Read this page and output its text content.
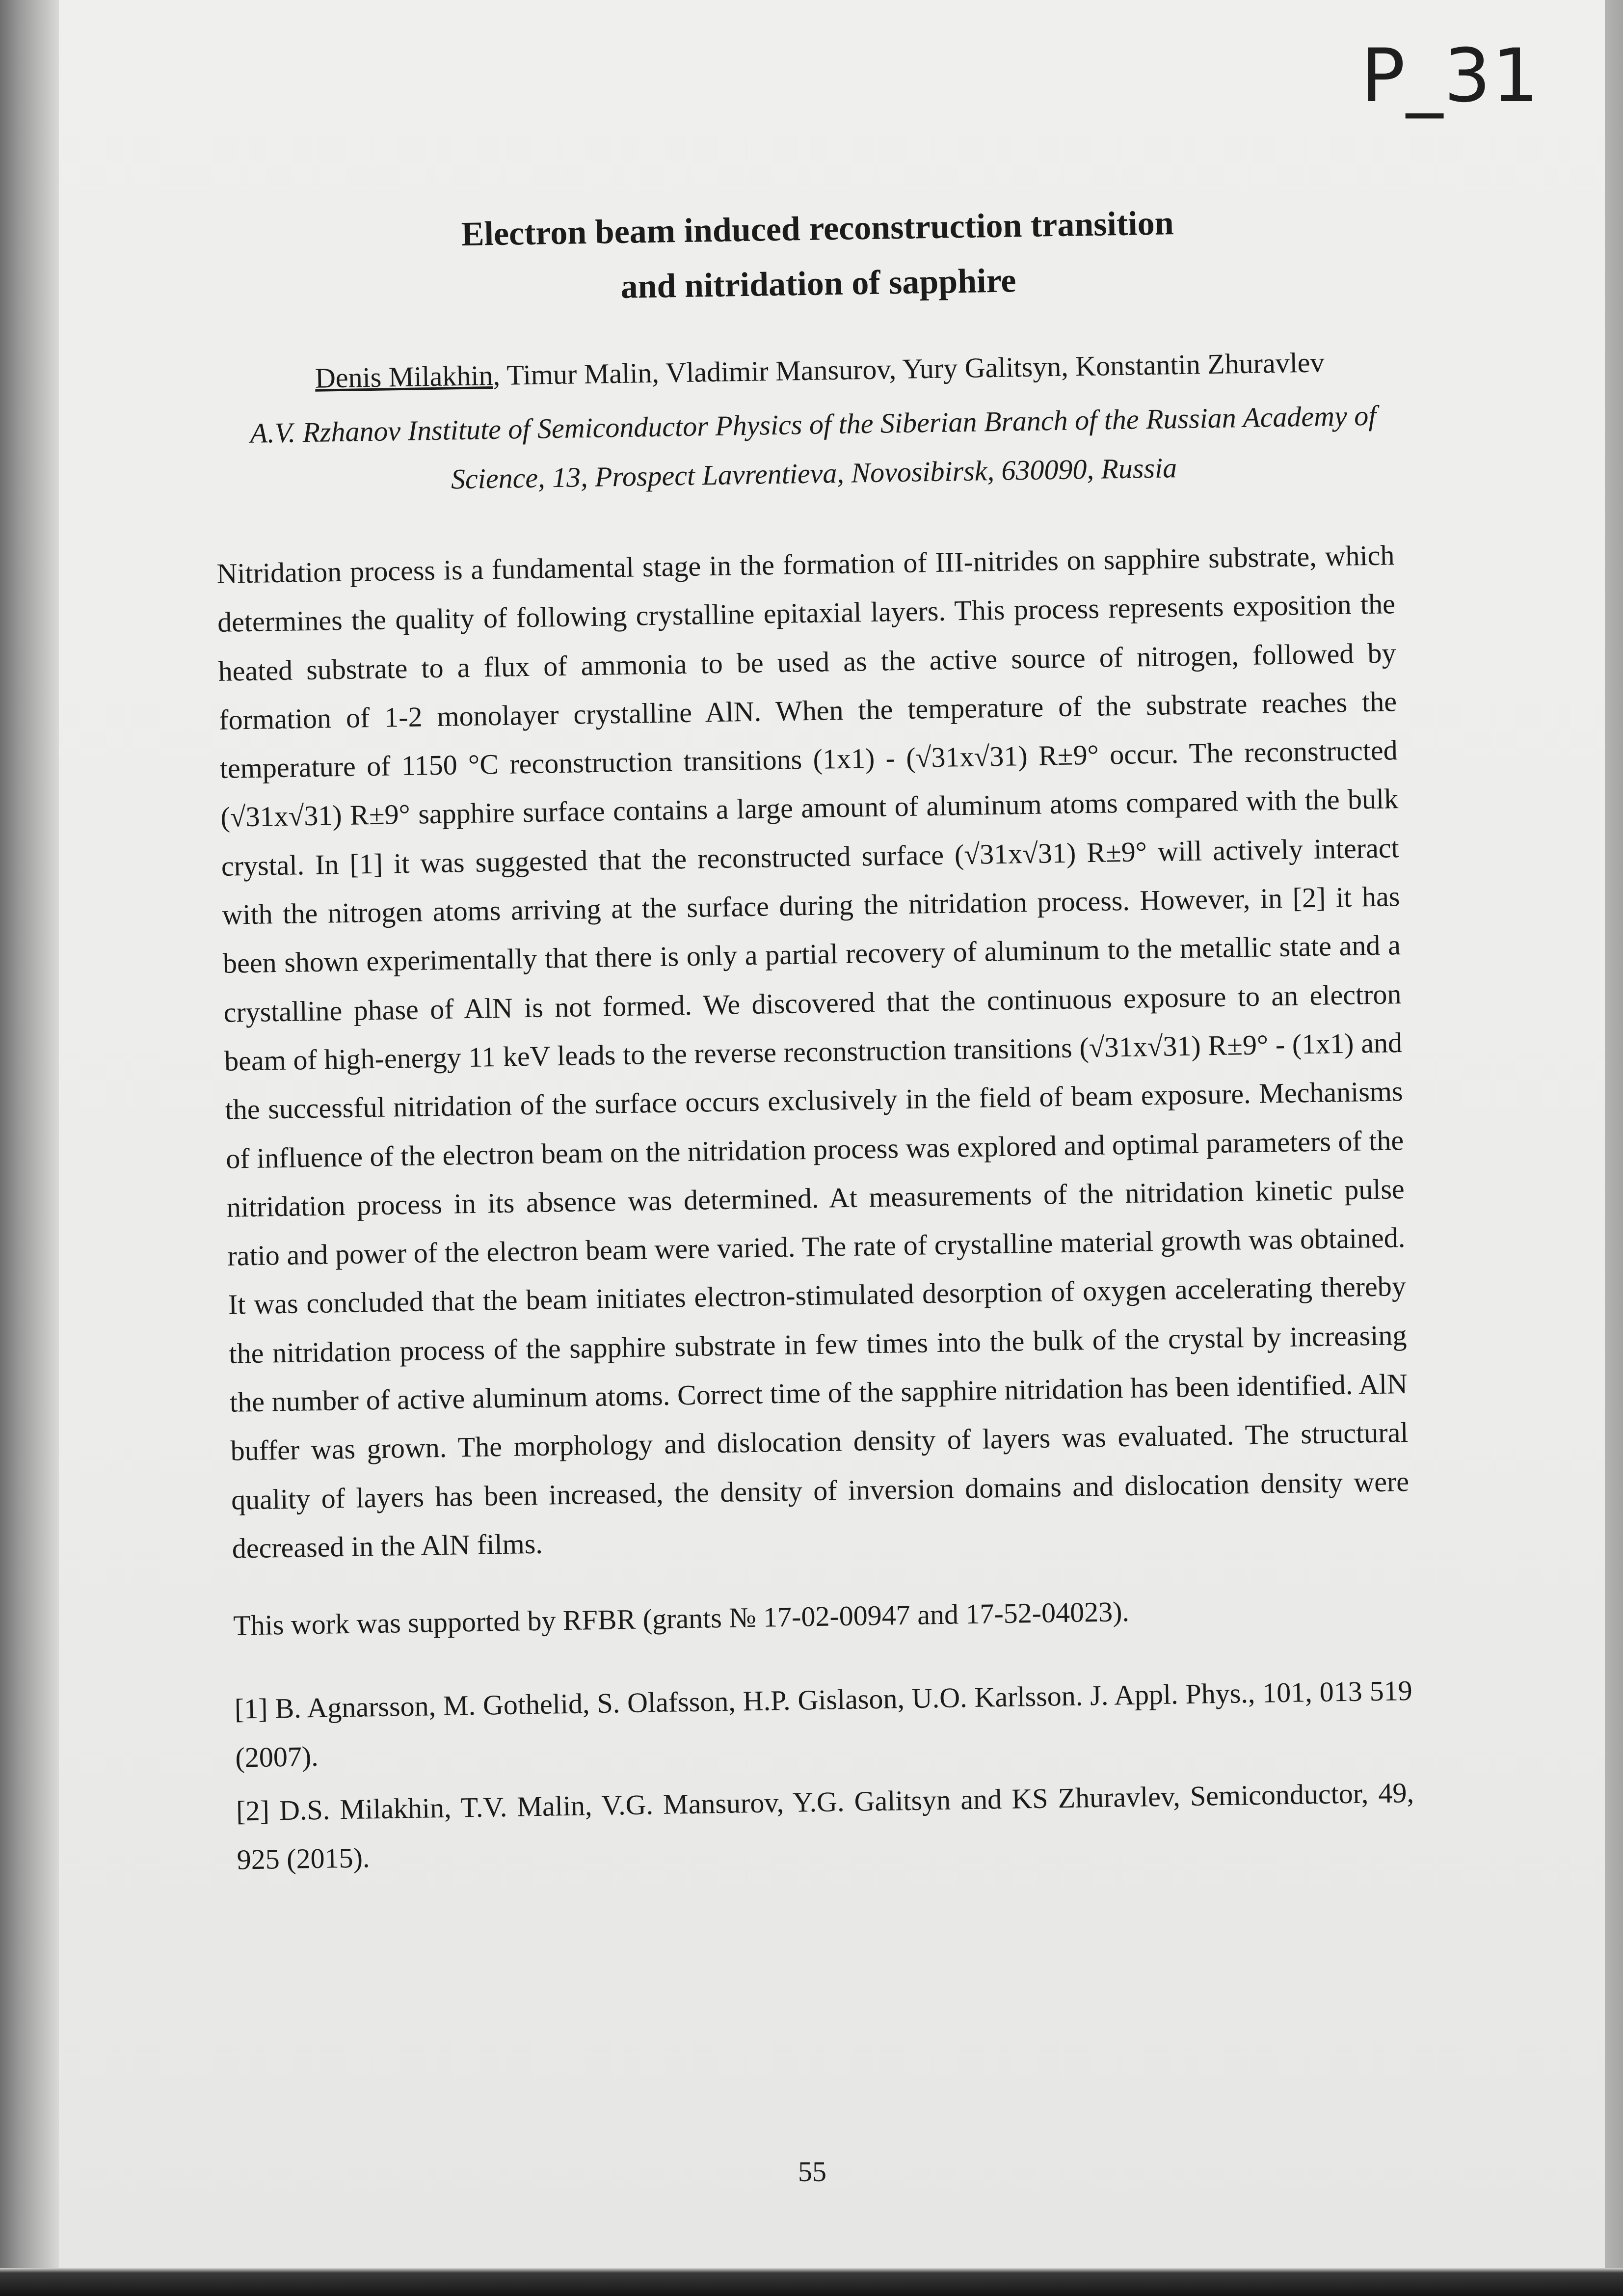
P_31
Electron beam induced reconstruction transition
and nitridation of sapphire
Denis Milakhin, Timur Malin, Vladimir Mansurov, Yury Galitsyn, Konstantin Zhuravlev
A.V. Rzhanov Institute of Semiconductor Physics of the Siberian Branch of the Russian Academy of Science, 13, Prospect Lavrentieva, Novosibirsk, 630090, Russia

Nitridation process is a fundamental stage in the formation of III-nitrides on sapphire substrate, which determines the quality of following crystalline epitaxial layers. This process represents exposition the heated substrate to a flux of ammonia to be used as the active source of nitrogen, followed by formation of 1-2 monolayer crystalline AlN. When the temperature of the substrate reaches the temperature of 1150 °C reconstruction transitions (1x1) - (√31x√31) R±9° occur. The reconstructed (√31x√31) R±9° sapphire surface contains a large amount of aluminum atoms compared with the bulk crystal. In [1] it was suggested that the reconstructed surface (√31x√31) R±9° will actively interact with the nitrogen atoms arriving at the surface during the nitridation process. However, in [2] it has been shown experimentally that there is only a partial recovery of aluminum to the metallic state and a crystalline phase of AlN is not formed. We discovered that the continuous exposure to an electron beam of high-energy 11 keV leads to the reverse reconstruction transitions (√31x√31) R±9° - (1x1) and the successful nitridation of the surface occurs exclusively in the field of beam exposure. Mechanisms of influence of the electron beam on the nitridation process was explored and optimal parameters of the nitridation process in its absence was determined. At measurements of the nitridation kinetic pulse ratio and power of the electron beam were varied. The rate of crystalline material growth was obtained. It was concluded that the beam initiates electron-stimulated desorption of oxygen accelerating thereby the nitridation process of the sapphire substrate in few times into the bulk of the crystal by increasing the number of active aluminum atoms. Correct time of the sapphire nitridation has been identified. AlN buffer was grown. The morphology and dislocation density of layers was evaluated. The structural quality of layers has been increased, the density of inversion domains and dislocation density were decreased in the AlN films.

This work was supported by RFBR (grants № 17-02-00947 and 17-52-04023).

[1] B. Agnarsson, M. Gothelid, S. Olafsson, H.P. Gislason, U.O. Karlsson. J. Appl. Phys., 101, 013 519 (2007).
[2] D.S. Milakhin, T.V. Malin, V.G. Mansurov, Y.G. Galitsyn and KS Zhuravlev, Semiconductor, 49, 925 (2015).
55
